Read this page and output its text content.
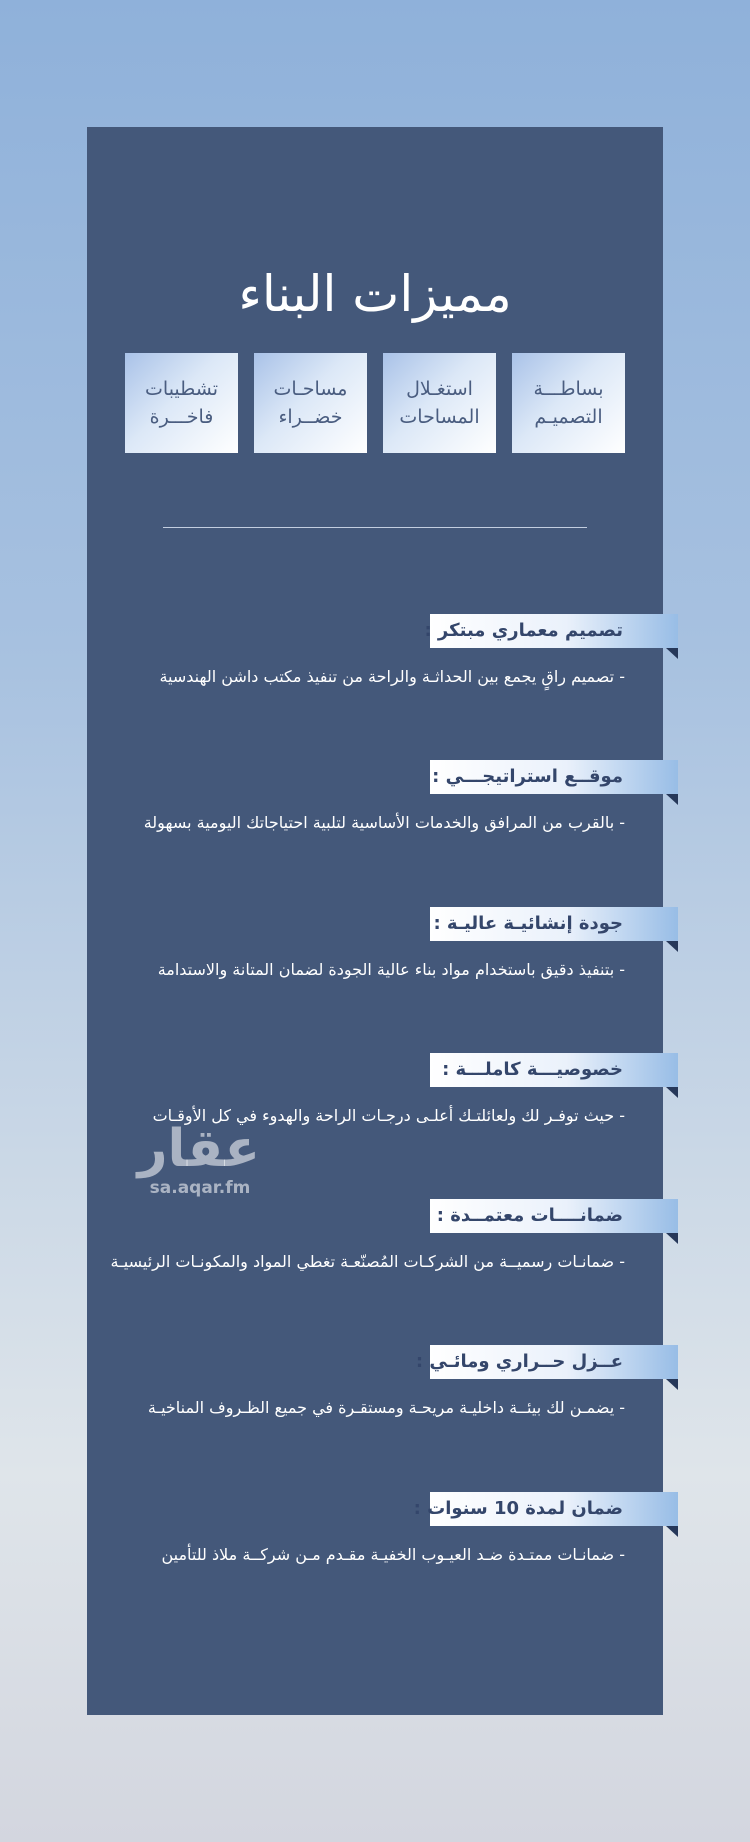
مميزات البناء
بساطـــة
التصميـم
استغـلال
المساحات
مساحـات
خضــراء
تشطيبات
فاخـــرة
تصميم معماري مبتكر :
- تصميم راقٍ يجمع بين الحداثـة والراحة من تنفيذ مكتب داشن الهندسية
موقــع استراتيجـــي :
- بالقرب من المرافق والخدمات الأساسية لتلبية احتياجاتك اليومية بسهولة
جودة إنشائيـة عاليـة :
- بتنفيذ دقيق باستخدام مواد بناء عالية الجودة لضمان المتانة والاستدامة
خصوصيـــة كاملـــة :
- حيث توفـر لك ولعائلتـك أعلـى درجـات الراحة والهدوء في كل الأوقـات
ضمانــــات معتمــدة :
- ضمانـات رسميــة من الشركـات المُصنّعـة تغطي المواد والمكونـات الرئيسيـة
عــزل حــراري ومائـي :
- يضمـن لك بيئــة داخليـة مريحـة ومستقـرة في جميع الظـروف المناخيـة
ضمان لمدة 10 سنوات :
- ضمانـات ممتـدة ضـد العيـوب الخفيـة مقـدم مـن شركــة ملاذ للتأمين
عقار
sa.aqar.fm
